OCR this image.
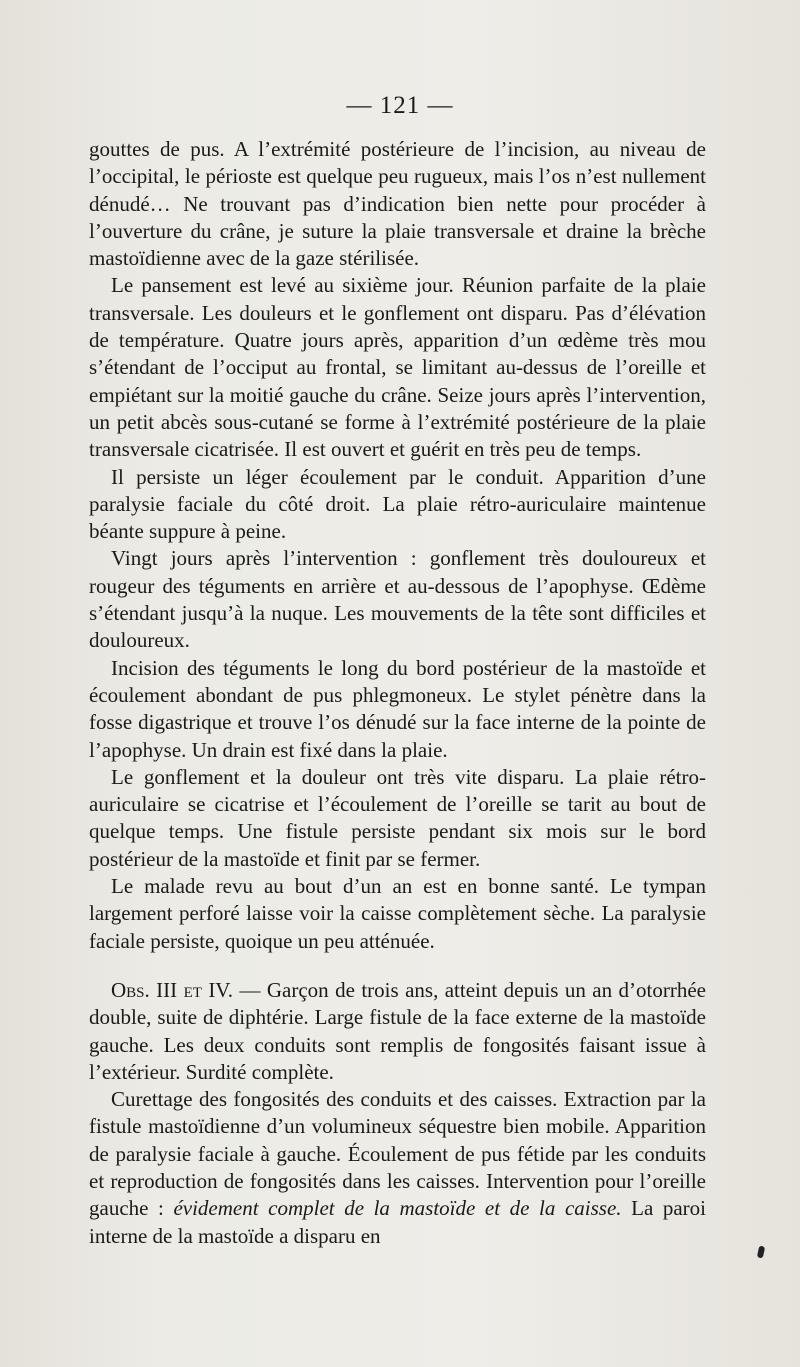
— 121 —

gouttes de pus. A l’extrémité postérieure de l’incision, au niveau de l’occipital, le périoste est quelque peu rugueux, mais l’os n’est nullement dénudé… Ne trouvant pas d’indication bien nette pour procéder à l’ouverture du crâne, je suture la plaie transversale et draine la brèche mastoïdienne avec de la gaze stérilisée.

Le pansement est levé au sixième jour. Réunion parfaite de la plaie transversale. Les douleurs et le gonflement ont disparu. Pas d’élévation de température. Quatre jours après, apparition d’un œdème très mou s’étendant de l’occiput au frontal, se limitant au-dessus de l’oreille et empiétant sur la moitié gauche du crâne. Seize jours après l’intervention, un petit abcès sous-cutané se forme à l’extrémité postérieure de la plaie transversale cicatrisée. Il est ouvert et guérit en très peu de temps.

Il persiste un léger écoulement par le conduit. Apparition d’une paralysie faciale du côté droit. La plaie rétro-auriculaire maintenue béante suppure à peine.

Vingt jours après l’intervention : gonflement très douloureux et rougeur des téguments en arrière et au-dessous de l’apophyse. Œdème s’étendant jusqu’à la nuque. Les mouvements de la tête sont difficiles et douloureux.

Incision des téguments le long du bord postérieur de la mastoïde et écoulement abondant de pus phlegmoneux. Le stylet pénètre dans la fosse digastrique et trouve l’os dénudé sur la face interne de la pointe de l’apophyse. Un drain est fixé dans la plaie.

Le gonflement et la douleur ont très vite disparu. La plaie rétro-auriculaire se cicatrise et l’écoulement de l’oreille se tarit au bout de quelque temps. Une fistule persiste pendant six mois sur le bord postérieur de la mastoïde et finit par se fermer.

Le malade revu au bout d’un an est en bonne santé. Le tympan largement perforé laisse voir la caisse complètement sèche. La paralysie faciale persiste, quoique un peu atténuée.

Obs. III et IV. — Garçon de trois ans, atteint depuis un an d’otorrhée double, suite de diphtérie. Large fistule de la face externe de la mastoïde gauche. Les deux conduits sont remplis de fongosités faisant issue à l’extérieur. Surdité complète.

Curettage des fongosités des conduits et des caisses. Extraction par la fistule mastoïdienne d’un volumineux séquestre bien mobile. Apparition de paralysie faciale à gauche. Écoulement de pus fétide par les conduits et reproduction de fongosités dans les caisses. Intervention pour l’oreille gauche : évidement complet de la mastoïde et de la caisse. La paroi interne de la mastoïde a disparu en
